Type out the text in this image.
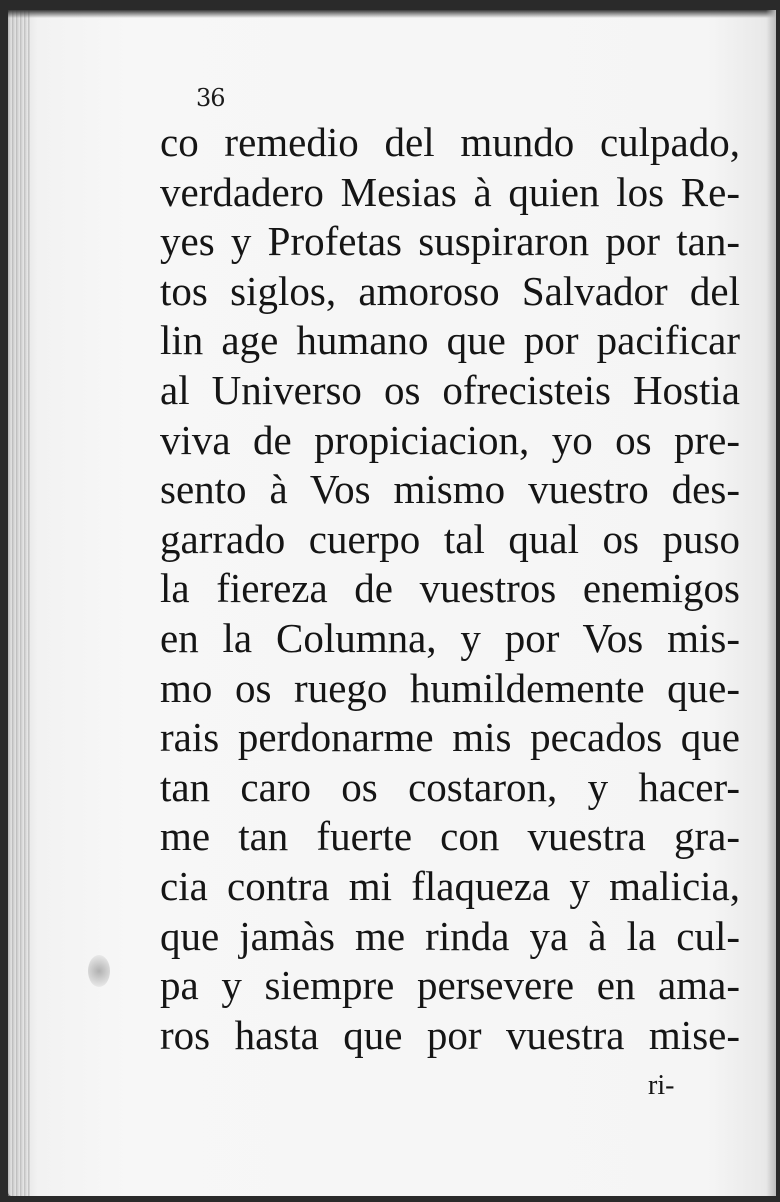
36
co remedio del mundo culpado,
verdadero Mesias à quien los Re-
yes y Profetas suspiraron por tan-
tos siglos, amoroso Salvador del
lin age humano que por pacificar
al Universo os ofrecisteis Hostia
viva de propiciacion, yo os pre-
sento à Vos mismo vuestro des-
garrado cuerpo tal qual os puso
la fiereza de vuestros enemigos
en la Columna, y por Vos mis-
mo os ruego humildemente que-
rais perdonarme mis pecados que
tan caro os costaron, y hacer-
me tan fuerte con vuestra gra-
cia contra mi flaqueza y malicia,
que jamàs me rinda ya à la cul-
pa y siempre persevere en ama-
ros hasta que por vuestra mise-
ri-
